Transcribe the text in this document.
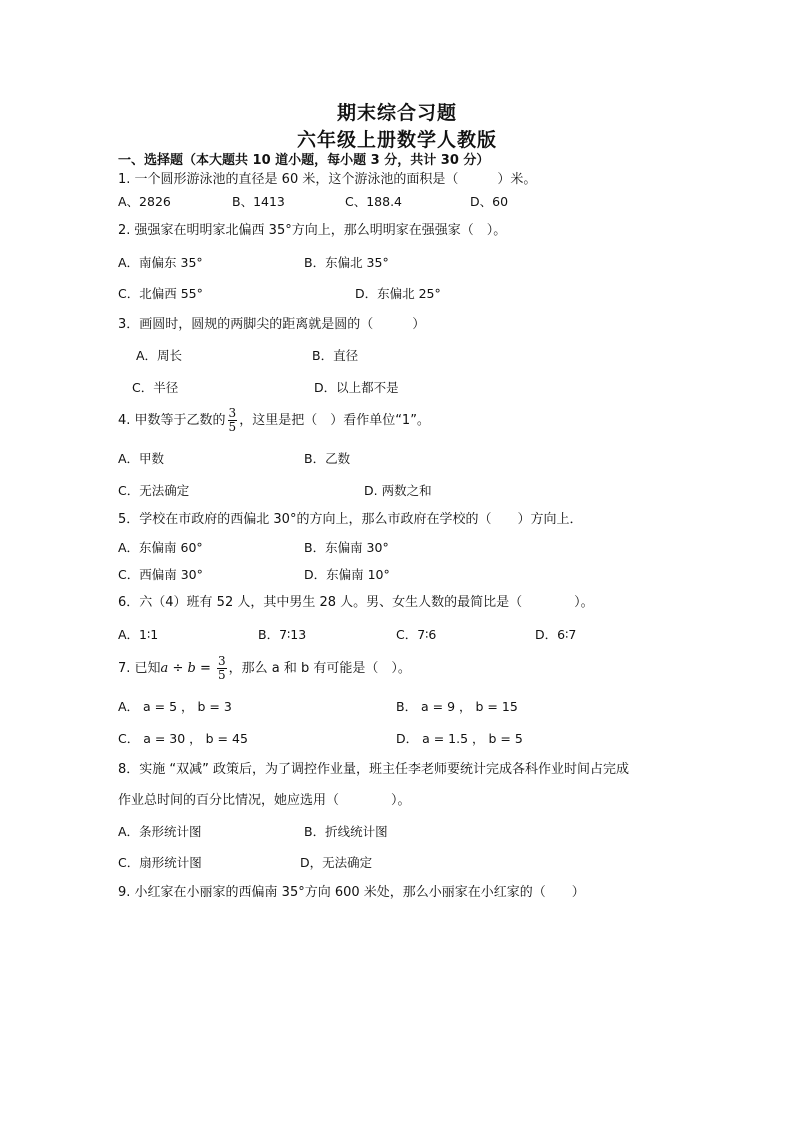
期末综合习题
六年级上册数学人教版
一、选择题（本大题共 10 道小题，每小题 3 分，共计 30 分）
1. 一个圆形游泳池的直径是 60 米，这个游泳池的面积是（　　　）米。
A、2826	B、1413	C、188.4	D、60
2. 强强家在明明家北偏西 35°方向上，那么明明家在强强家（　）。
A．南偏东 35°	B．东偏北 35°
C．北偏西 55°	D．东偏北 25°
3．画圆时，圆规的两脚尖的距离就是圆的（　　　）
A．周长	B．直径
C．半径	D．以上都不是
4. 甲数等于乙数的 $\frac{3}{5}$ ，这里是把（　）看作单位“1”。
A．甲数	B．乙数
C．无法确定	D. 两数之和
5．学校在市政府的西偏北 30°的方向上，那么市政府在学校的（　　）方向上．
A．东偏南 60°	B．东偏南 30°
C．西偏南 30°	D．东偏南 10°
6．六（4）班有 52 人，其中男生 28 人。男、女生人数的最简比是（　　　　）。
A．1∶1	B．7∶13	C．7∶6	D．6∶7
7. 已知$a \div b = \frac{3}{5}$ ，那么 a 和 b 有可能是（　）。
A． a = 5 ， b = 3	B． a = 9 ， b = 15
C． a = 30 ， b = 45	D． a = 1.5 ， b = 5
8．实施 “双减” 政策后，为了调控作业量，班主任李老师要统计完成各科作业时间占完成
作业总时间的百分比情况，她应选用（　　　　）。
A．条形统计图	B．折线统计图
C．扇形统计图	D，无法确定
9. 小红家在小丽家的西偏南 35°方向 600 米处，那么小丽家在小红家的（　　）
